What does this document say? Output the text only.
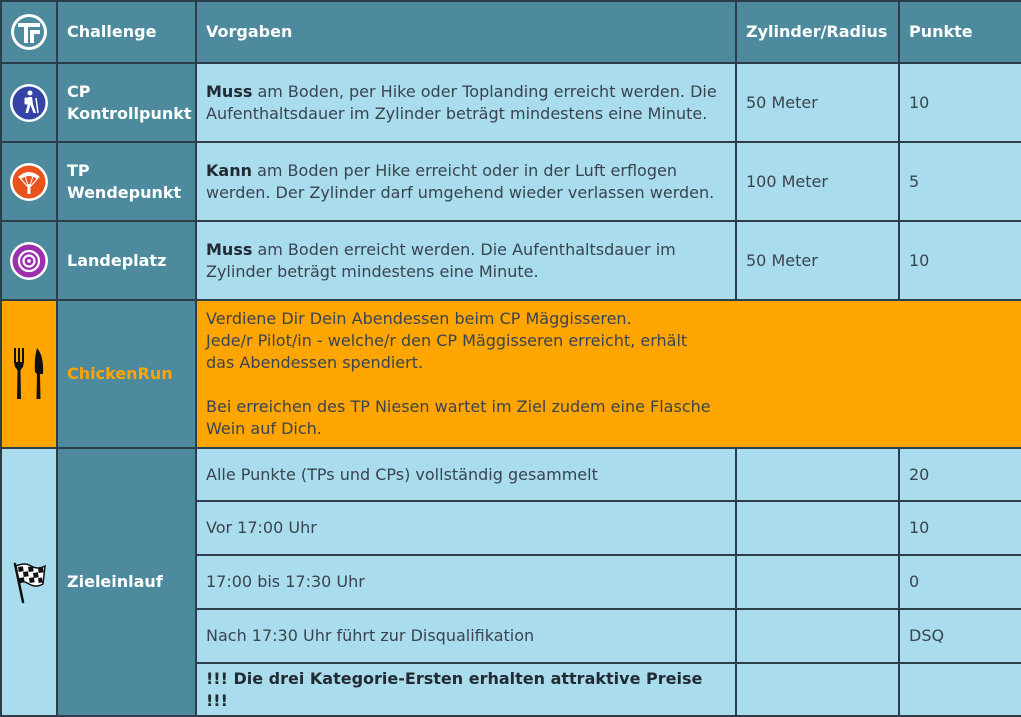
	Challenge	Vorgaben	Zylinder/Radius	Punkte
	CP
Kontrollpunkt	Muss am Boden, per Hike oder Toplanding erreicht werden. Die Aufenthaltsdauer im Zylinder beträgt mindestens eine Minute.	50 Meter	10
	TP
Wendepunkt	Kann am Boden per Hike erreicht oder in der Luft erflogen werden. Der Zylinder darf umgehend wieder verlassen werden.	100 Meter	5
	Landeplatz	Muss am Boden erreicht werden. Die Aufenthaltsdauer im Zylinder beträgt mindestens eine Minute.	50 Meter	10
	ChickenRun	Verdiene Dir Dein Abendessen beim CP Mäggisseren.
Jede/r Pilot/in - welche/r den CP Mäggisseren erreicht, erhält
das Abendessen spendiert.

Bei erreichen des TP Niesen wartet im Ziel zudem eine Flasche
Wein auf Dich.		
	Zieleinlauf	Alle Punkte (TPs und CPs) vollständig gesammelt		20
		Vor 17:00 Uhr		10
		17:00 bis 17:30 Uhr		0
		Nach 17:30 Uhr führt zur Disqualifikation		DSQ
		!!! Die drei Kategorie-Ersten erhalten attraktive Preise !!!		
